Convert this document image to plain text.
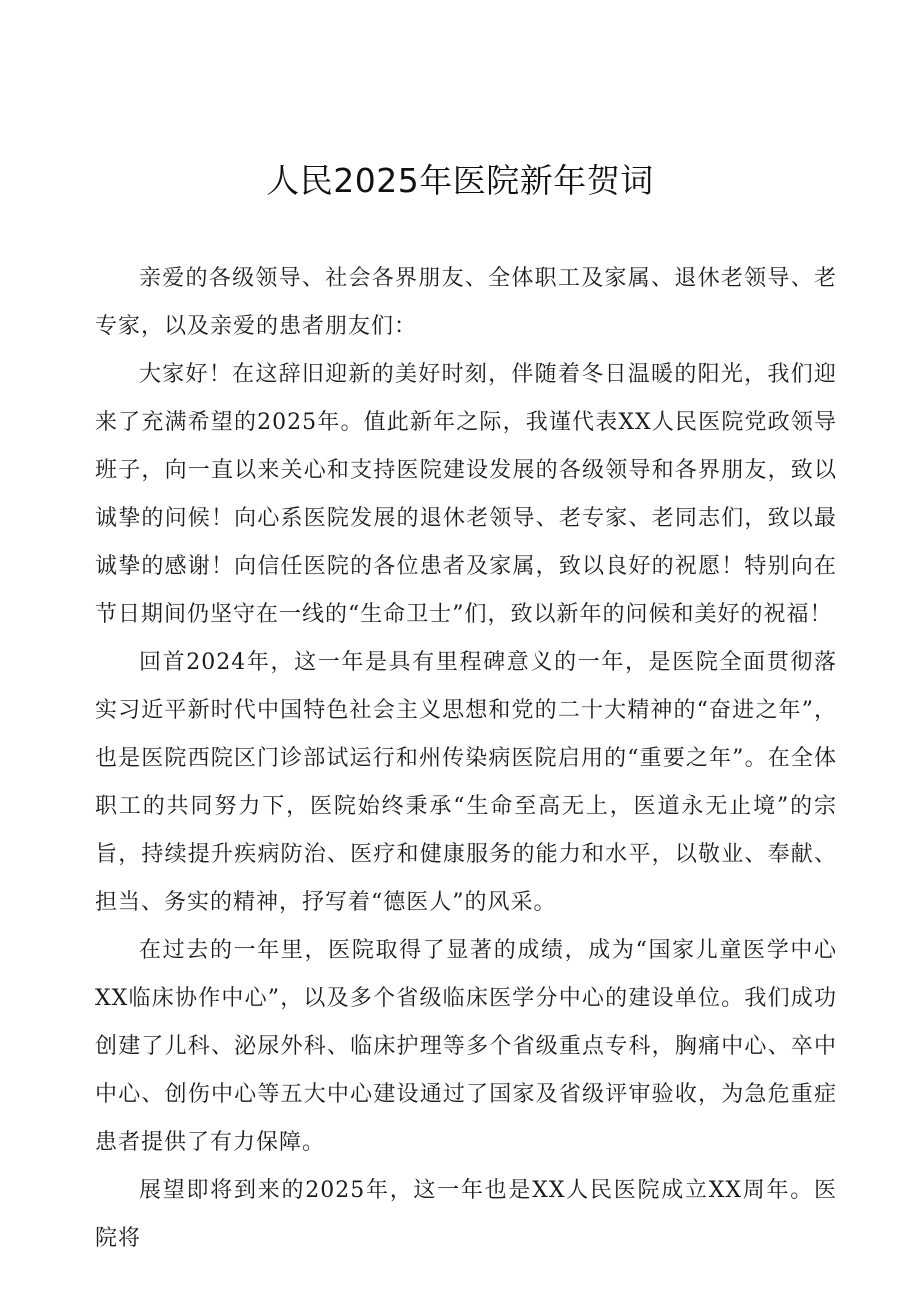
人民2025年医院新年贺词

亲爱的各级领导、社会各界朋友、全体职工及家属、退休老领导、老专家，以及亲爱的患者朋友们：

大家好！在这辞旧迎新的美好时刻，伴随着冬日温暖的阳光，我们迎来了充满希望的2025年。值此新年之际，我谨代表XX人民医院党政领导班子，向一直以来关心和支持医院建设发展的各级领导和各界朋友，致以诚挚的问候！向心系医院发展的退休老领导、老专家、老同志们，致以最诚挚的感谢！向信任医院的各位患者及家属，致以良好的祝愿！特别向在节日期间仍坚守在一线的“生命卫士”们，致以新年的问候和美好的祝福！

回首2024年，这一年是具有里程碑意义的一年，是医院全面贯彻落实习近平新时代中国特色社会主义思想和党的二十大精神的“奋进之年”，也是医院西院区门诊部试运行和州传染病医院启用的“重要之年”。在全体职工的共同努力下，医院始终秉承“生命至高无上，医道永无止境”的宗旨，持续提升疾病防治、医疗和健康服务的能力和水平，以敬业、奉献、担当、务实的精神，抒写着“德医人”的风采。

在过去的一年里，医院取得了显著的成绩，成为“国家儿童医学中心XX临床协作中心”，以及多个省级临床医学分中心的建设单位。我们成功创建了儿科、泌尿外科、临床护理等多个省级重点专科，胸痛中心、卒中中心、创伤中心等五大中心建设通过了国家及省级评审验收，为急危重症患者提供了有力保障。

展望即将到来的2025年，这一年也是XX人民医院成立XX周年。医院将
